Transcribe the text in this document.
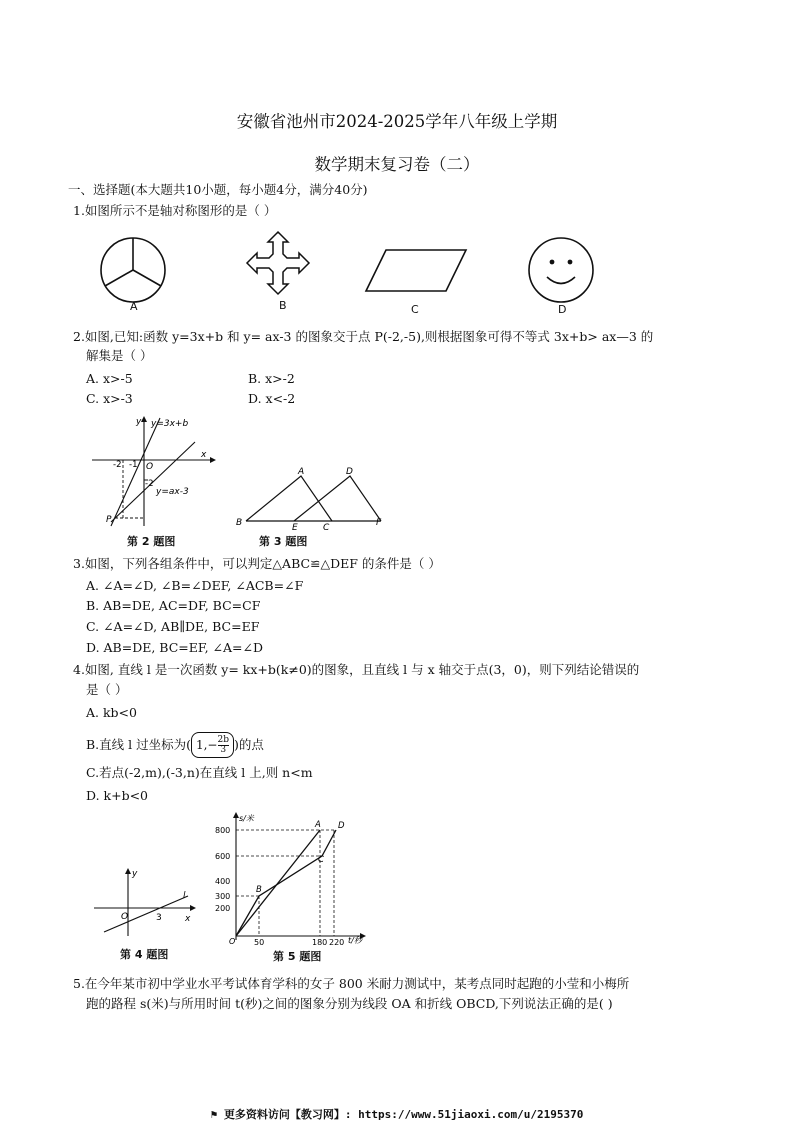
安徽省池州市2024-2025学年八年级上学期
数学期末复习卷（二）
一、选择题(本大题共10小题，每小题4分，满分40分)
1.如图所示不是轴对称图形的是（ ）
A	B	C	D
2.如图,已知:函数 y=3x+b 和 y= ax-3 的图象交于点 P(-2,-5),则根据图象可得不等式 3x+b> ax—3 的
解集是（ ）
A. x>-5	B. x>-2
C. x>-3	D. x<-2
y=3x+b
y=ax-3
x
y
O
-2 -1
-2
P
第 2 题图
A
B	C
D
E	F
第 3 题图
3.如图，下列各组条件中，可以判定△ABC≌△DEF 的条件是（ ）
A. ∠A=∠D, ∠B=∠DEF, ∠ACB=∠F
B. AB=DE, AC=DF, BC=CF
C. ∠A=∠D, AB∥DE, BC=EF
D. AB=DE, BC=EF, ∠A=∠D
4.如图, 直线 l 是一次函数 y= kx+b(k≠0)的图象，且直线 l 与 x 轴交于点(3，0)，则下列结论错误的
是（ ）
A. kb<0
B.直线 l 过坐标为( $1,- \frac{2b}{3}$ )的点
C.若点(-2,m),(-3,n)在直线 l 上,则 n<m
D. k+b<0
y
x
O	3
l
第 4 题图
s/米
t/秒
800
600
400
300
200
50	180 220
O
A
B
C
D
第 5 题图
5.在今年某市初中学业水平考试体育学科的女子 800 米耐力测试中，某考点同时起跑的小莹和小梅所
跑的路程 s(米)与所用时间 t(秒)之间的图象分别为线段 OA 和折线 OBCD,下列说法正确的是( )
⚑ 更多资料访问【教习网】: https://www.51jiaoxi.com/u/2195370
